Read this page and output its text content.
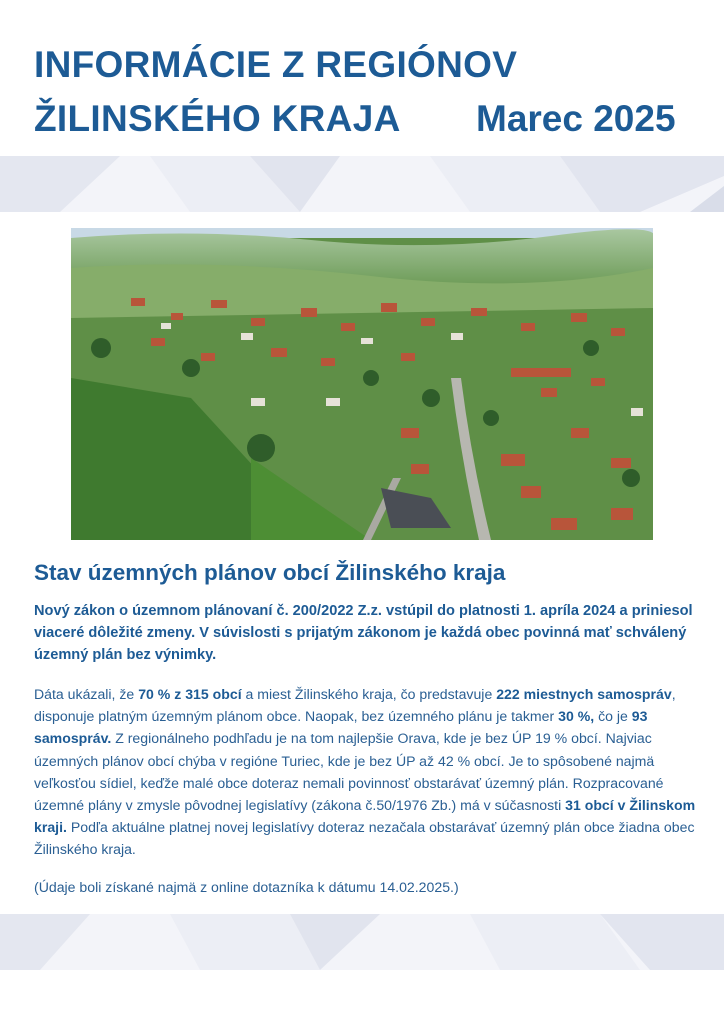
INFORMÁCIE Z REGIÓNOV
ŽILINSKÉHO KRAJA	Marec 2025
Stav územných plánov obcí Žilinského kraja

Nový zákon o územnom plánovaní č. 200/2022 Z.z. vstúpil do platnosti 1. apríla 2024 a priniesol viaceré dôležité zmeny. V súvislosti s prijatým zákonom je každá obec povinná mať schválený územný plán bez výnimky.

Dáta ukázali, že 70 % z 315 obcí a miest Žilinského kraja, čo predstavuje 222 miestnych samospráv, disponuje platným územným plánom obce. Naopak, bez územného plánu je takmer 30 %, čo je 93 samospráv. Z regionálneho podhľadu je na tom najlepšie Orava, kde je bez ÚP 19 % obcí. Najviac územných plánov obcí chýba v regióne Turiec, kde je bez ÚP až 42 % obcí. Je to spôsobené najmä veľkosťou sídiel, keďže malé obce doteraz nemali povinnosť obstarávať územný plán. Rozpracované územné plány v zmysle pôvodnej legislatívy (zákona č.50/1976 Zb.) má v súčasnosti 31 obcí v Žilinskom kraji. Podľa aktuálne platnej novej legislatívy doteraz nezačala obstarávať územný plán obce žiadna obec Žilinského kraja.

(Údaje boli získané najmä z online dotazníka k dátumu 14.02.2025.)
